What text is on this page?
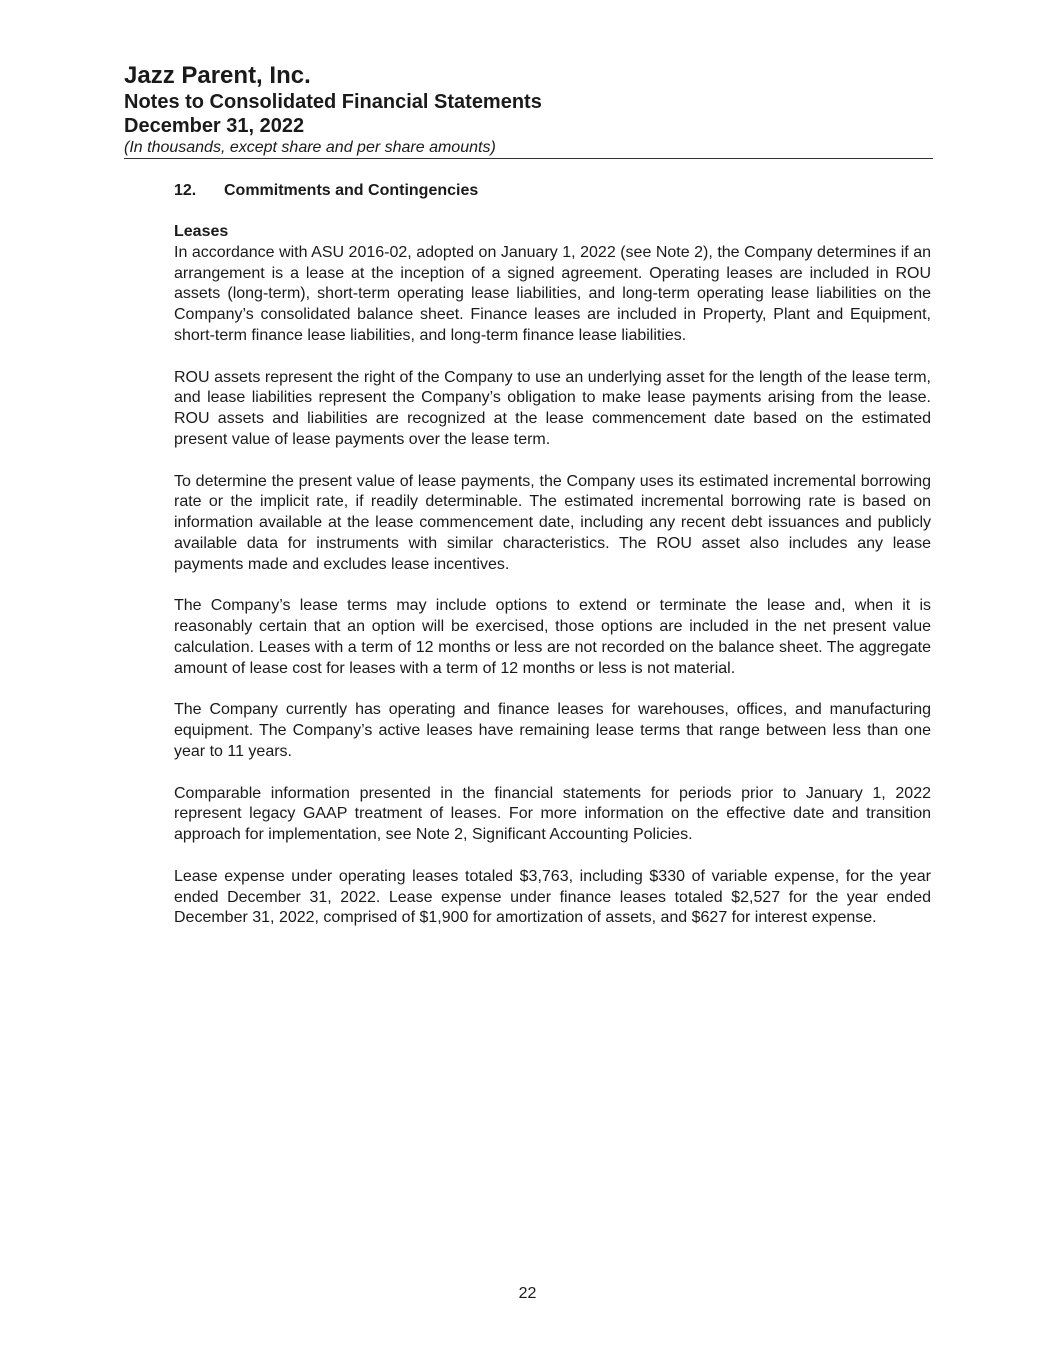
Jazz Parent, Inc.

Notes to Consolidated Financial Statements

December 31, 2022

(In thousands, except share and per share amounts)

12.	Commitments and Contingencies

Leases

In accordance with ASU 2016-02, adopted on January 1, 2022 (see Note 2), the Company determines if an arrangement is a lease at the inception of a signed agreement. Operating leases are included in ROU assets (long-term), short-term operating lease liabilities, and long-term operating lease liabilities on the Company’s consolidated balance sheet. Finance leases are included in Property, Plant and Equipment, short-term finance lease liabilities, and long-term finance lease liabilities.

ROU assets represent the right of the Company to use an underlying asset for the length of the lease term, and lease liabilities represent the Company’s obligation to make lease payments arising from the lease. ROU assets and liabilities are recognized at the lease commencement date based on the estimated present value of lease payments over the lease term.

To determine the present value of lease payments, the Company uses its estimated incremental borrowing rate or the implicit rate, if readily determinable. The estimated incremental borrowing rate is based on information available at the lease commencement date, including any recent debt issuances and publicly available data for instruments with similar characteristics. The ROU asset also includes any lease payments made and excludes lease incentives.

The Company’s lease terms may include options to extend or terminate the lease and, when it is reasonably certain that an option will be exercised, those options are included in the net present value calculation. Leases with a term of 12 months or less are not recorded on the balance sheet. The aggregate amount of lease cost for leases with a term of 12 months or less is not material.

The Company currently has operating and finance leases for warehouses, offices, and manufacturing equipment. The Company’s active leases have remaining lease terms that range between less than one year to 11 years.

Comparable information presented in the financial statements for periods prior to January 1, 2022 represent legacy GAAP treatment of leases. For more information on the effective date and transition approach for implementation, see Note 2, Significant Accounting Policies.

Lease expense under operating leases totaled $3,763, including $330 of variable expense, for the year ended December 31, 2022. Lease expense under finance leases totaled $2,527 for the year ended December 31, 2022, comprised of $1,900 for amortization of assets, and $627 for interest expense.

22
